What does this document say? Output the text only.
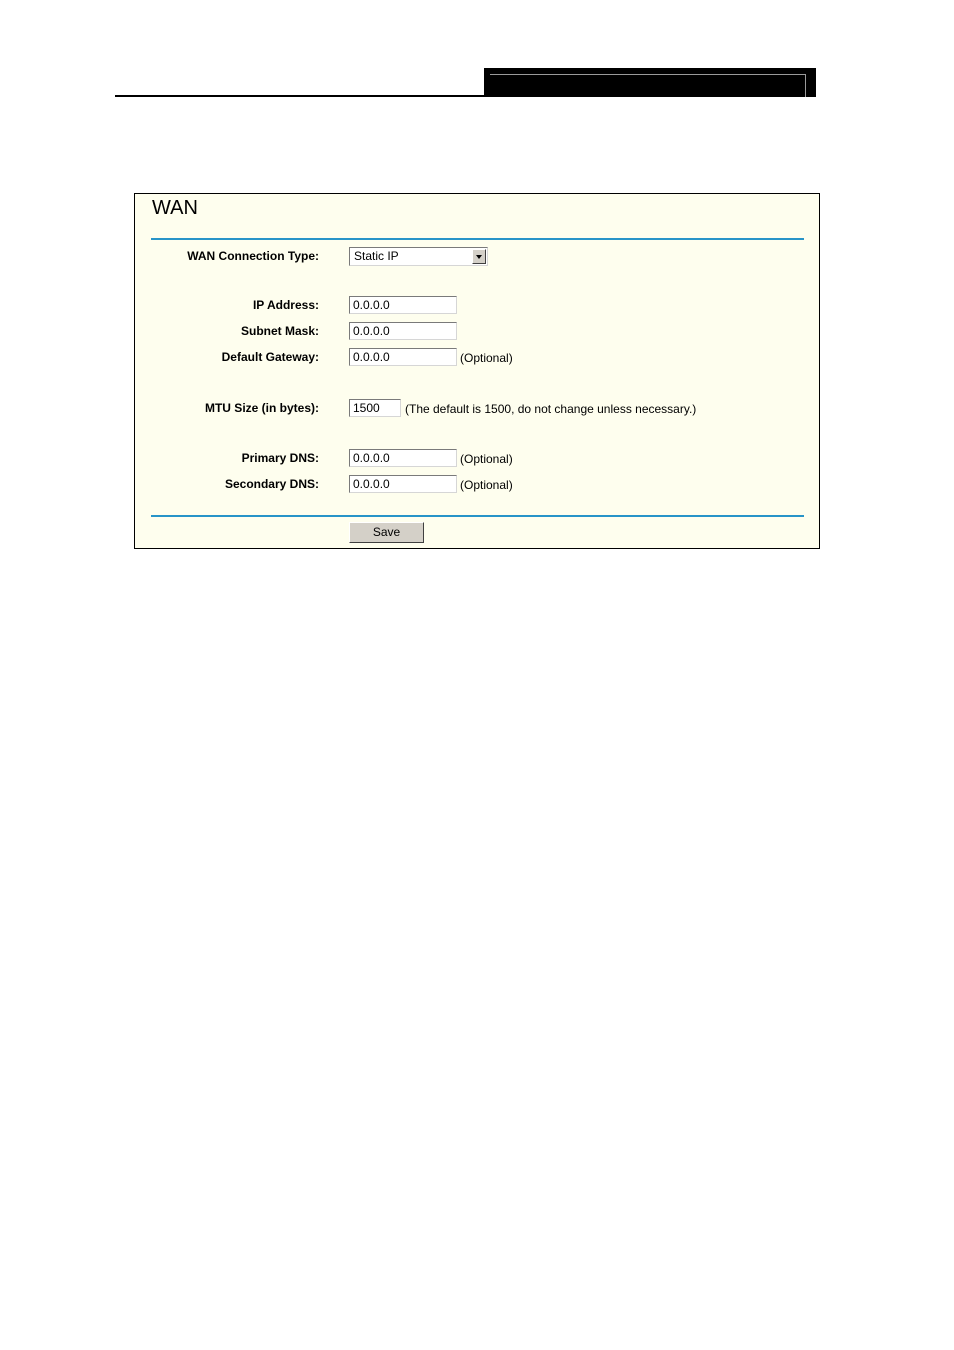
WAN
WAN Connection Type:	Static IP
IP Address:
0.0.0.0
Subnet Mask:
0.0.0.0
Default Gateway:
0.0.0.0	(Optional)
MTU Size (in bytes):
1500	(The default is 1500, do not change unless necessary.)
Primary DNS:
0.0.0.0	(Optional)
Secondary DNS:
0.0.0.0	(Optional)
Save
